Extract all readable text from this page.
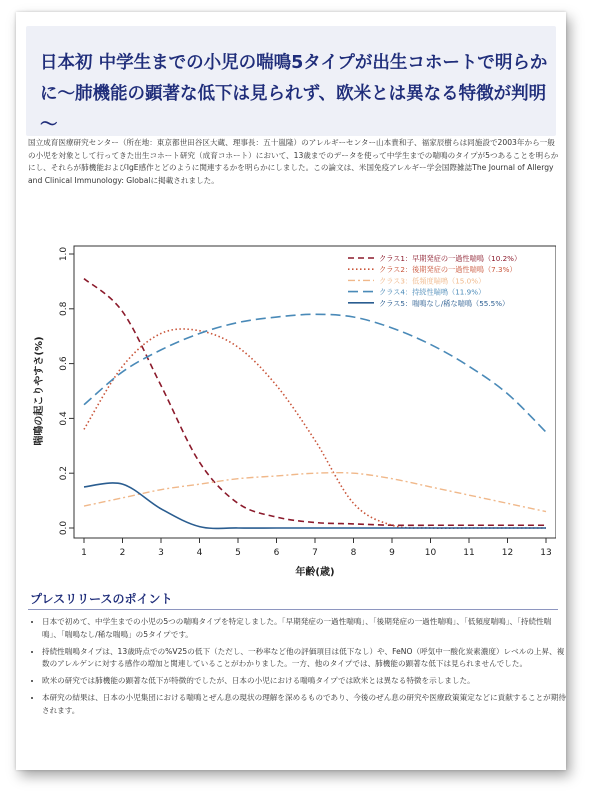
日本初 中学生までの小児の喘鳴5タイプが出生コホートで明らかに～肺機能の顕著な低下は見られず、欧米とは異なる特徴が判明～
国立成育医療研究センター（所在地：東京都世田谷区大蔵、理事長：五十嵐隆）のアレルギーセンター山本貴和子、福家辰樹らは同施設で2003年から一般の小児を対象として行ってきた出生コホート研究（成育コホート）において、13歳までのデータを使って中学生までの喘鳴のタイプが5つあることを明らかにし、それらが肺機能およびIgE感作とどのように関連するかを明らかにしました。この論文は、米国免疫アレルギー学会国際雑誌The Journal of Allergy and Clinical Immunology: Globalに掲載されました。
0.0
0.2
0.4
0.6
0.8
1.0
1	2	3	4	5	6	7	8	9	10	11	12	13
年齢(歳)
喘鳴の起こりやすさ(%)
クラス1：早期発症の一過性喘鳴（10.2%）
クラス2：後期発症の一過性喘鳴（7.3%）
クラス3：低頻度喘鳴（15.0%）
クラス4：持続性喘鳴（11.9%）
クラス5：喘鳴なし/稀な喘鳴（55.5%）
プレスリリースのポイント
• 日本で初めて、中学生までの小児の5つの喘鳴タイプを特定しました。「早期発症の一過性喘鳴」、「後期発症の一過性喘鳴」、「低頻度喘鳴」、「持続性喘鳴」、「喘鳴なし/稀な喘鳴」の5タイプです。
• 持続性喘鳴タイプは、13歳時点での%V25の低下（ただし、一秒率など他の評価項目は低下なし）や、FeNO（呼気中一酸化炭素濃度）レベルの上昇、複数のアレルゲンに対する感作の増加と関連していることがわかりました。一方、他のタイプでは、肺機能の顕著な低下は見られませんでした。
• 欧米の研究では肺機能の顕著な低下が特徴的でしたが、日本の小児における喘鳴タイプでは欧米とは異なる特徴を示しました。
• 本研究の結果は、日本の小児集団における喘鳴とぜん息の現状の理解を深めるものであり、今後のぜん息の研究や医療政策策定などに貢献することが期待されます。
